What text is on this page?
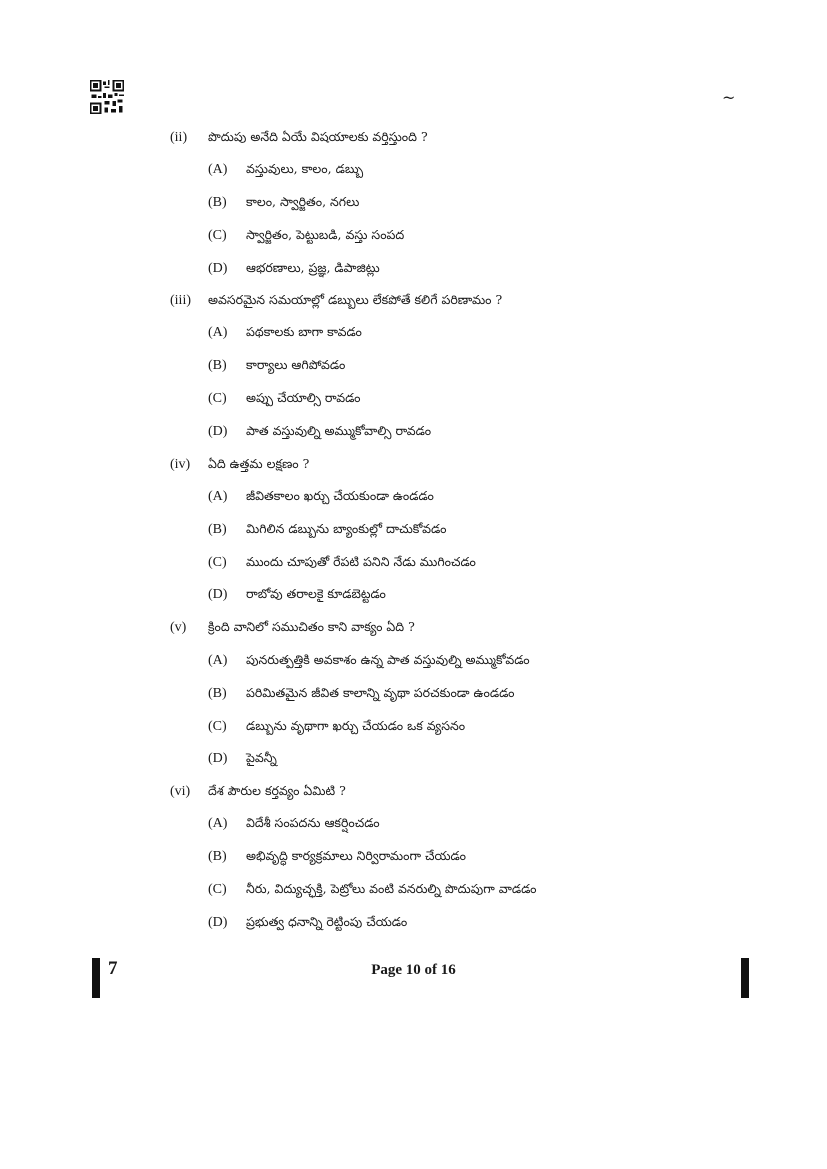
~
(ii)	పొదుపు అనేది ఏయే విషయాలకు వర్తిస్తుంది ?
(A)	వస్తువులు, కాలం, డబ్బు
(B)	కాలం, స్వార్జితం, నగలు
(C)	స్వార్జితం, పెట్టుబడి, వస్తు సంపద
(D)	ఆభరణాలు, ప్రజ్ఞ, డిపాజిట్లు
(iii)	అవసరమైన సమయాల్లో డబ్బులు లేకపోతే కలిగే పరిణామం ?
(A)	పథకాలకు బాగా కావడం
(B)	కార్యాలు ఆగిపోవడం
(C)	అప్పు చేయాల్సి రావడం
(D)	పాత వస్తువుల్ని అమ్ముకోవాల్సి రావడం
(iv)	ఏది ఉత్తమ లక్షణం ?
(A)	జీవితకాలం ఖర్చు చేయకుండా ఉండడం
(B)	మిగిలిన డబ్బును బ్యాంకుల్లో దాచుకోవడం
(C)	ముందు చూపుతో రేపటి పనిని నేడు ముగించడం
(D)	రాబోవు తరాలకై కూడబెట్టడం
(v)	క్రింది వానిలో సముచితం కాని వాక్యం ఏది ?
(A)	పునరుత్పత్తికి అవకాశం ఉన్న పాత వస్తువుల్ని అమ్ముకోవడం
(B)	పరిమితమైన జీవిత కాలాన్ని వృథా పరచకుండా ఉండడం
(C)	డబ్బును వృథాగా ఖర్చు చేయడం ఒక వ్యసనం
(D)	పైవన్నీ
(vi)	దేశ పౌరుల కర్తవ్యం ఏమిటి ?
(A)	విదేశీ సంపదను ఆకర్షించడం
(B)	అభివృద్ధి కార్యక్రమాలు నిర్విరామంగా చేయడం
(C)	నీరు, విద్యుచ్ఛక్తి, పెట్రోలు వంటి వనరుల్ని పొదుపుగా వాడడం
(D)	ప్రభుత్వ ధనాన్ని రెట్టింపు చేయడం
7	Page 10 of 16
